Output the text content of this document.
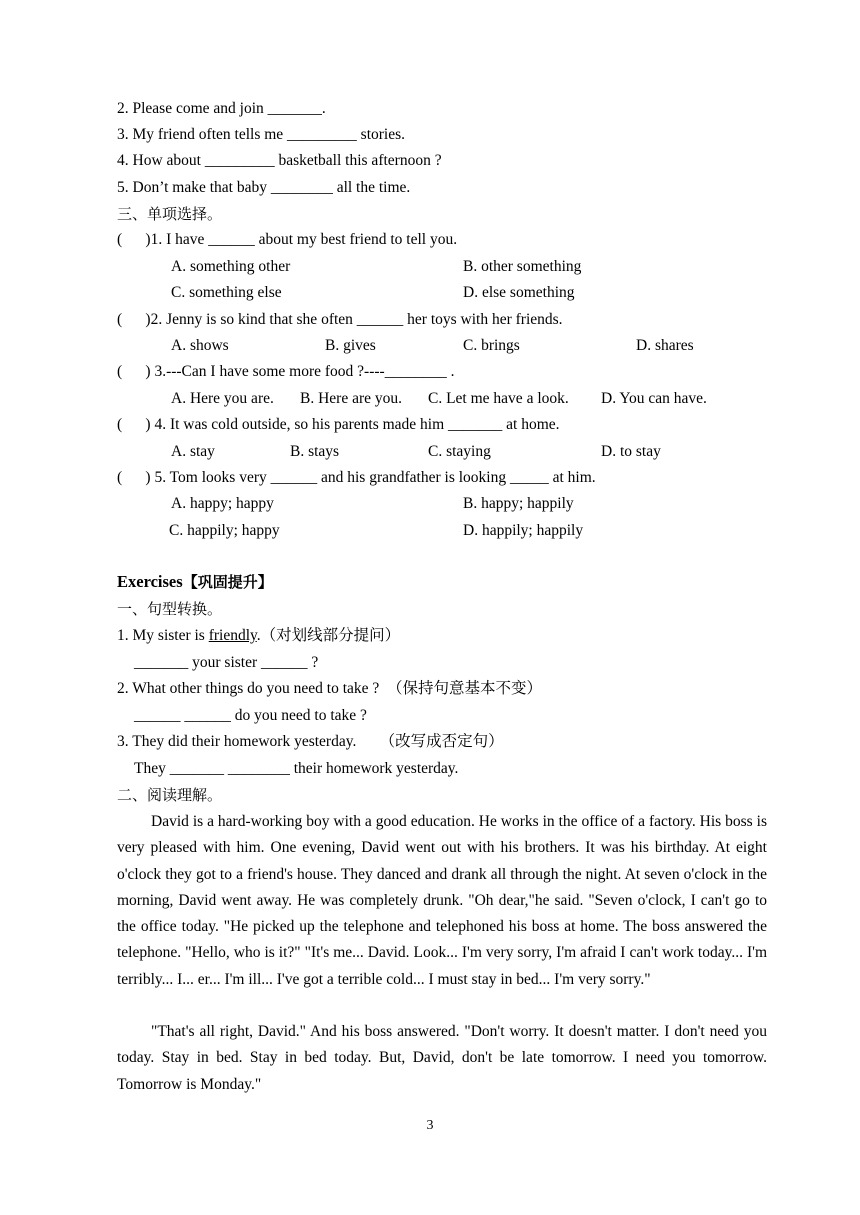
2. Please come and join _______.
3. My friend often tells me _________ stories.
4. How about _________ basketball this afternoon ?
5. Don’t make that baby ________ all the time.
三、单项选择。
(      )1. I have ______ about my best friend to tell you.
A. something other	B. other something
C. something else	D. else something
(      )2. Jenny is so kind that she often ______ her toys with her friends.
A. shows	B. gives	C. brings	D. shares
(      ) 3.---Can I have some more food ?----________ .
A. Here you are. B. Here are you. C. Let me have a look. D. You can have.
(      ) 4. It was cold outside, so his parents made him _______ at home.
A. stay	B. stays	C. staying	D. to stay
(      ) 5. Tom looks very ______ and his grandfather is looking _____ at him.
A. happy; happy	B. happy; happily
C. happily; happy	D. happily; happily
Exercises【巩固提升】
一、句型转换。
1. My sister is friendly.（对划线部分提问）
_______ your sister ______ ?
2. What other things do you need to take ?  （保持句意基本不变）
______ ______ do you need to take ?
3. They did their homework yesterday.      （改写成否定句）
They _______ ________ their homework yesterday.
二、阅读理解。
David is a hard-working boy with a good education. He works in the office of a factory. His boss is very pleased with him. One evening, David went out with his brothers. It was his birthday. At eight o'clock they got to a friend's house. They danced and drank all through the night. At seven o'clock in the morning, David went away. He was completely drunk. "Oh dear,"he said. "Seven o'clock, I can't go to the office today. "He picked up the telephone and telephoned his boss at home. The boss answered the telephone. "Hello, who is it?" "It's me... David. Look... I'm very sorry, I'm afraid I can't work today... I'm terribly... I... er... I'm ill... I've got a terrible cold... I must stay in bed... I'm very sorry."
"That's all right, David." And his boss answered. "Don't worry. It doesn't matter. I don't need you today. Stay in bed. Stay in bed today. But, David, don't be late tomorrow. I need you tomorrow. Tomorrow is Monday."
3
